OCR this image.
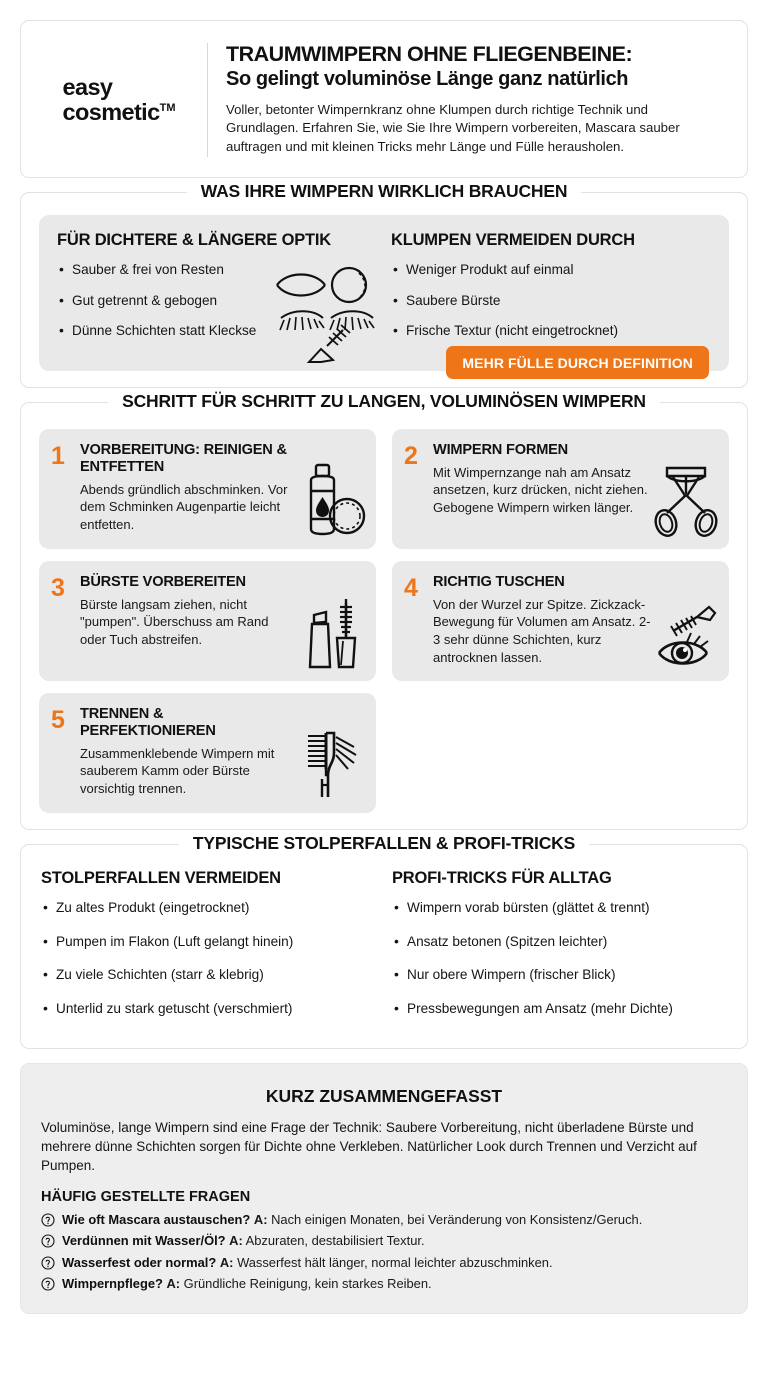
easy
cosmetic™
TRAUMWIMPERN OHNE FLIEGENBEINE:
So gelingt voluminöse Länge ganz natürlich
Voller, betonter Wimpernkranz ohne Klumpen durch richtige Technik und Grundlagen. Erfahren Sie, wie Sie Ihre Wimpern vorbereiten, Mascara sauber auftragen und mit kleinen Tricks mehr Länge und Fülle herausholen.
WAS IHRE WIMPERN WIRKLICH BRAUCHEN
FÜR DICHTERE & LÄNGERE OPTIK
• Sauber & frei von Resten
• Gut getrennt & gebogen
• Dünne Schichten statt Kleckse
KLUMPEN VERMEIDEN DURCH
• Weniger Produkt auf einmal
• Saubere Bürste
• Frische Textur (nicht eingetrocknet)
MEHR FÜLLE DURCH DEFINITION
SCHRITT FÜR SCHRITT ZU LANGEN, VOLUMINÖSEN WIMPERN
1	VORBEREITUNG: REINIGEN & ENTFETTEN
Abends gründlich abschminken. Vor dem Schminken Augenpartie leicht entfetten.
2	WIMPERN FORMEN
Mit Wimpernzange nah am Ansatz ansetzen, kurz drücken, nicht ziehen. Gebogene Wimpern wirken länger.
3	BÜRSTE VORBEREITEN
Bürste langsam ziehen, nicht "pumpen". Überschuss am Rand oder Tuch abstreifen.
4	RICHTIG TUSCHEN
Von der Wurzel zur Spitze. Zickzack-Bewegung für Volumen am Ansatz. 2-3 sehr dünne Schichten, kurz antrocknen lassen.
5	TRENNEN & PERFEKTIONIEREN
Zusammenklebende Wimpern mit sauberem Kamm oder Bürste vorsichtig trennen.
TYPISCHE STOLPERFALLEN & PROFI-TRICKS
STOLPERFALLEN VERMEIDEN
• Zu altes Produkt (eingetrocknet)
• Pumpen im Flakon (Luft gelangt hinein)
• Zu viele Schichten (starr & klebrig)
• Unterlid zu stark getuscht (verschmiert)
PROFI-TRICKS FÜR ALLTAG
• Wimpern vorab bürsten (glättet & trennt)
• Ansatz betonen (Spitzen leichter)
• Nur obere Wimpern (frischer Blick)
• Pressbewegungen am Ansatz (mehr Dichte)
KURZ ZUSAMMENGEFASST
Voluminöse, lange Wimpern sind eine Frage der Technik: Saubere Vorbereitung, nicht überladene Bürste und mehrere dünne Schichten sorgen für Dichte ohne Verkleben. Natürlicher Look durch Trennen und Verzicht auf Pumpen.
HÄUFIG GESTELLTE FRAGEN
Wie oft Mascara austauschen? A: Nach einigen Monaten, bei Veränderung von Konsistenz/Geruch.
Verdünnen mit Wasser/Öl? A: Abzuraten, destabilisiert Textur.
Wasserfest oder normal? A: Wasserfest hält länger, normal leichter abzuschminken.
Wimpernpflege? A: Gründliche Reinigung, kein starkes Reiben.
